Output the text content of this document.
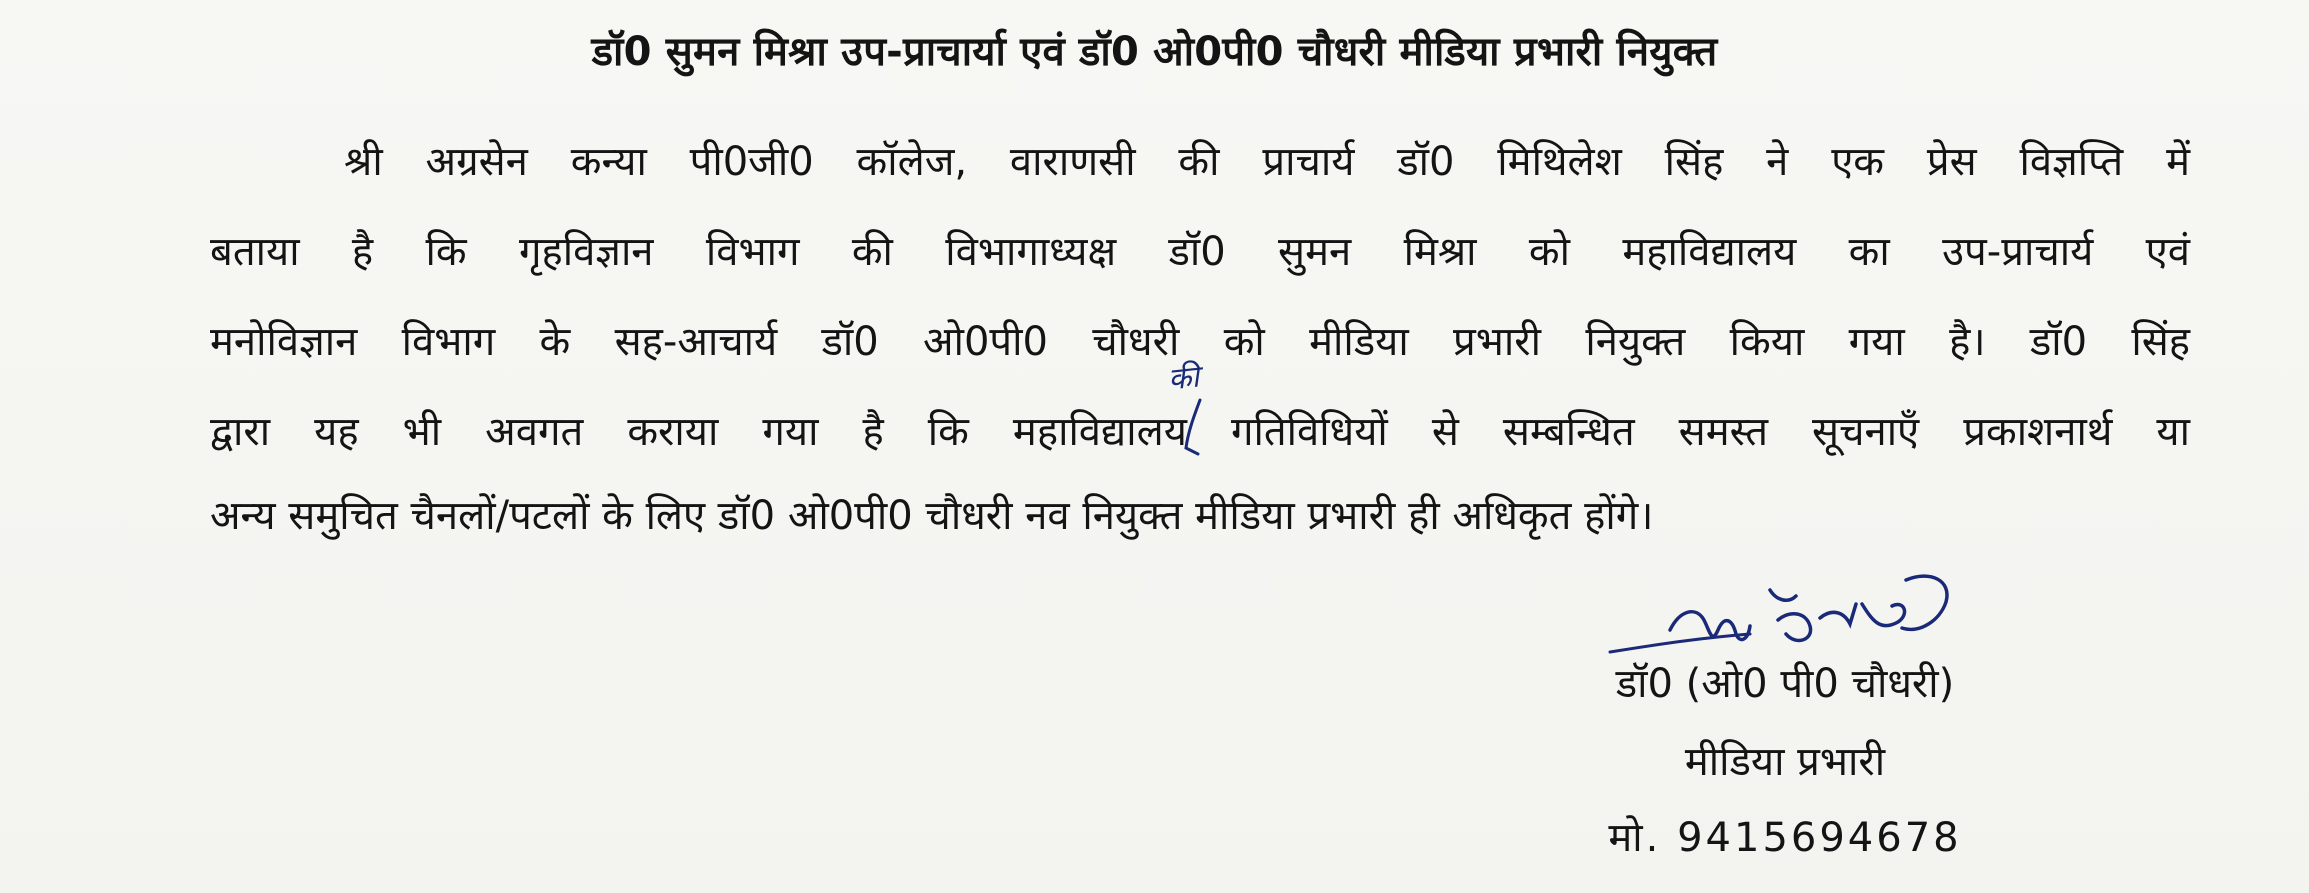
डॉ0 सुमन मिश्रा उप-प्राचार्या एवं डॉ0 ओ0पी0 चौधरी मीडिया प्रभारी नियुक्त
श्री अग्रसेन कन्या पी0जी0 कॉलेज, वाराणसी की प्राचार्य डॉ0 मिथिलेश सिंह ने एक प्रेस विज्ञप्ति में
बताया है कि गृहविज्ञान विभाग की विभागाध्यक्ष डॉ0 सुमन मिश्रा को महाविद्यालय का उप-प्राचार्य एवं
मनोविज्ञान विभाग के सह-आचार्य डॉ0 ओ0पी0 चौधरी को मीडिया प्रभारी नियुक्त किया गया है। डॉ0 सिंह
द्वारा यह भी अवगत कराया गया है कि महाविद्यालय गतिविधियों से सम्बन्धित समस्त सूचनाएँ प्रकाशनार्थ या
अन्य समुचित चैनलों/पटलों के लिए डॉ0 ओ0पी0 चौधरी नव नियुक्त मीडिया प्रभारी ही अधिकृत होंगे।
की
डॉ0 (ओ0 पी0 चौधरी)
मीडिया प्रभारी
मो. 9415694678
